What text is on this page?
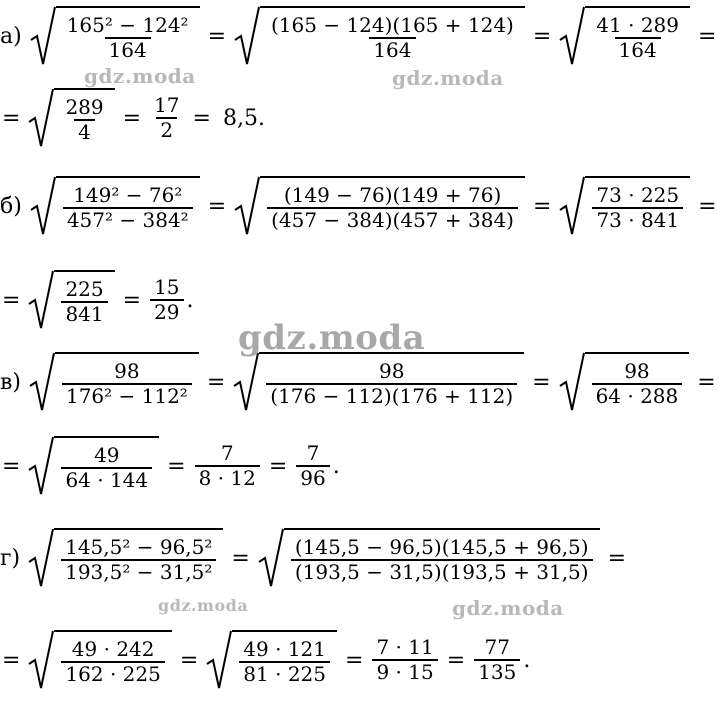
$а) \frac{\text{165² − 124²}}{164} = \frac{(165 - 124)(165 + 124)}{164} = \frac{41 \cdot 289}{164}$ =
= $\frac{289}{4} = \frac{17}{2} = 8,5$.
$б) \frac{\text{149² − 76²}}{\text{457² − 384²}} = \frac{(149 - 76)(149 + 76)}{(457 - 384)(457 + 384)} = \frac{73 \cdot 225}{73 \cdot 841}$ =
= $\frac{225}{841} = \frac{15}{29}$ .
$в) \frac{98}{\text{176² − 112²}} = \frac{98}{(176 - 112)(176 + 112)} = \frac{98}{64 \cdot 288}$ =
= $\frac{49}{64 \cdot 144} = \frac{7}{8 \cdot 12} = \frac{7}{96}$ .
$г) \frac{\text{145,5² − 96,5²}}{\text{193,5² − 31,5²}} = \frac{(145,5 - 96,5)(145,5 + 96,5)}{(193,5 - 31,5)(193,5 + 31,5)}$ =
= $\frac{49 \cdot 242}{162 \cdot 225} = \frac{49 \cdot 121}{81 \cdot 225} = \frac{7 \cdot 11}{9 \cdot 15} = \frac{77}{135}$ .
gdz.moda	gdz.moda
gdz.moda
gdz.moda	gdz.moda
